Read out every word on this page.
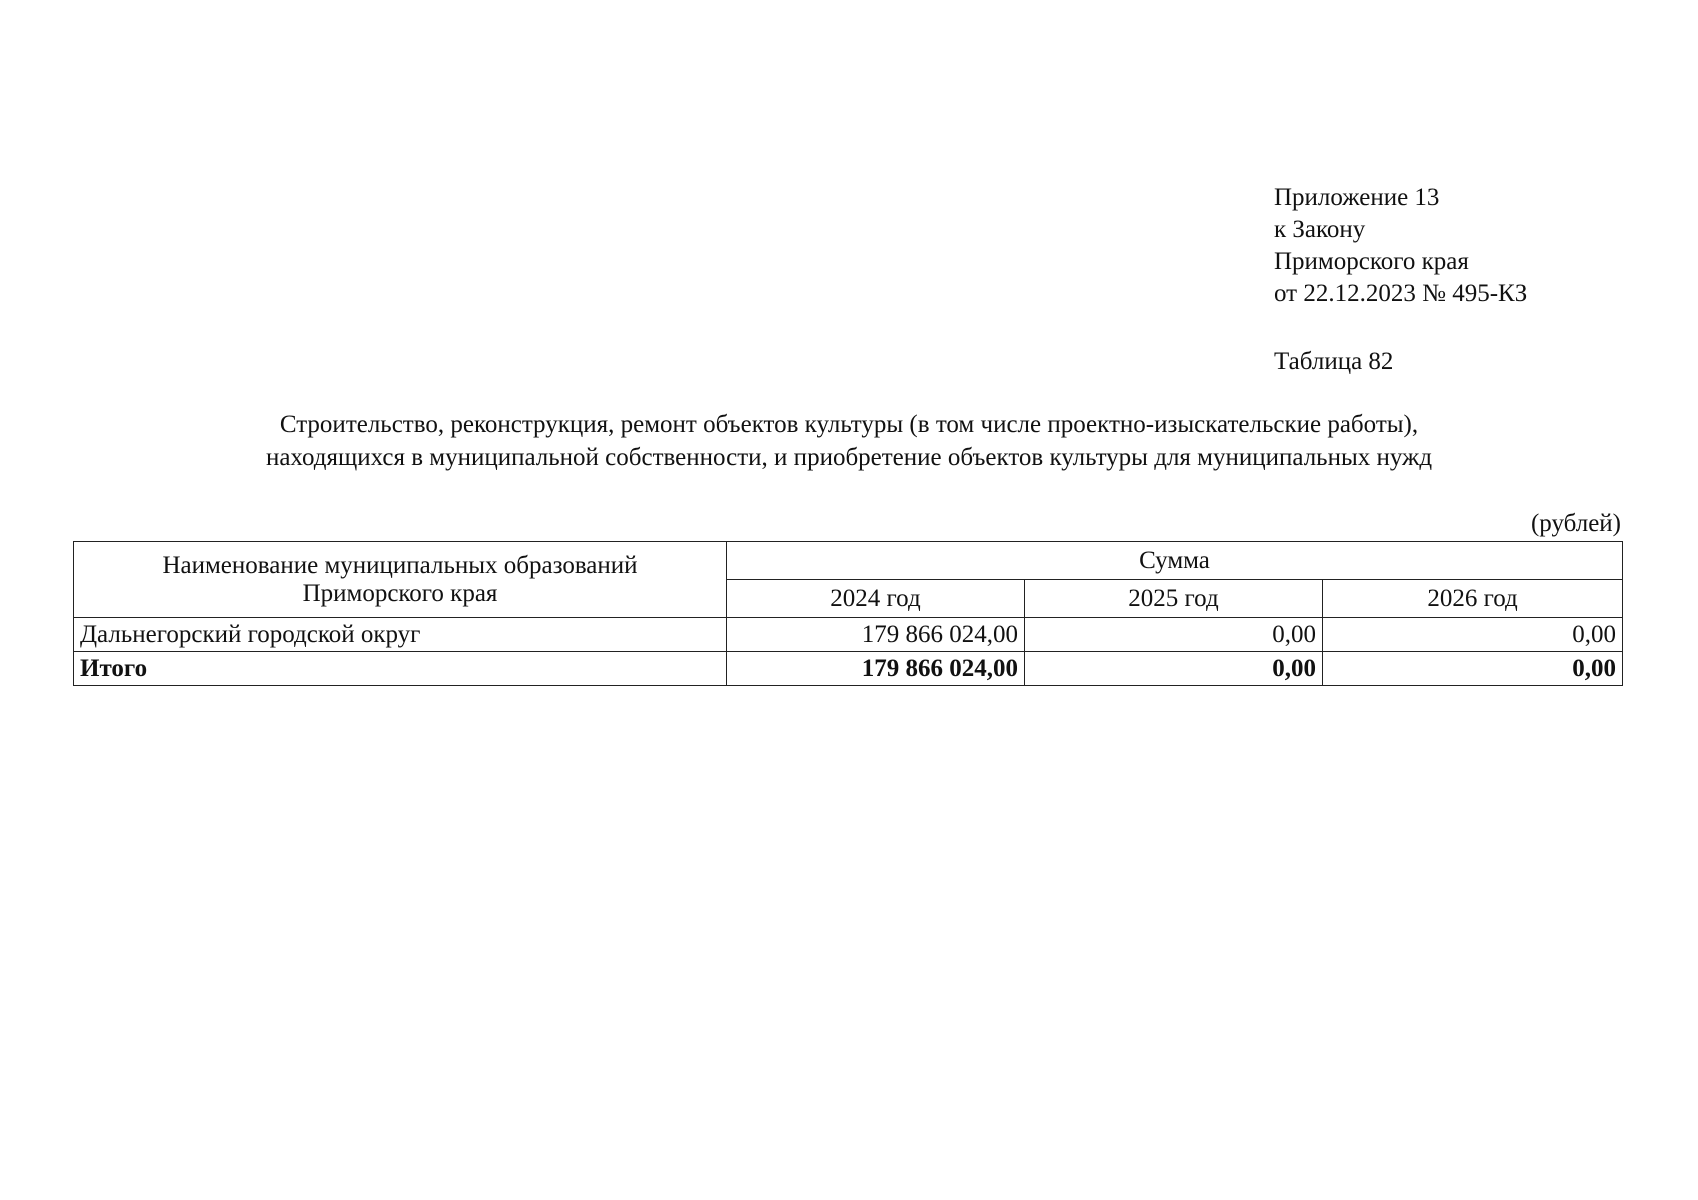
Приложение 13
к Закону
Приморского края
от 22.12.2023 № 495-КЗ
Таблица 82
Строительство, реконструкция, ремонт объектов культуры (в том числе проектно-изыскательские работы),
находящихся в муниципальной собственности, и приобретение объектов культуры для муниципальных нужд
(рублей)
Наименование муниципальных образований
Приморского края	Сумма		
	2024 год	2025 год	2026 год
Дальнегорский городской округ	179 866 024,00	0,00	0,00
Итого	179 866 024,00	0,00	0,00
